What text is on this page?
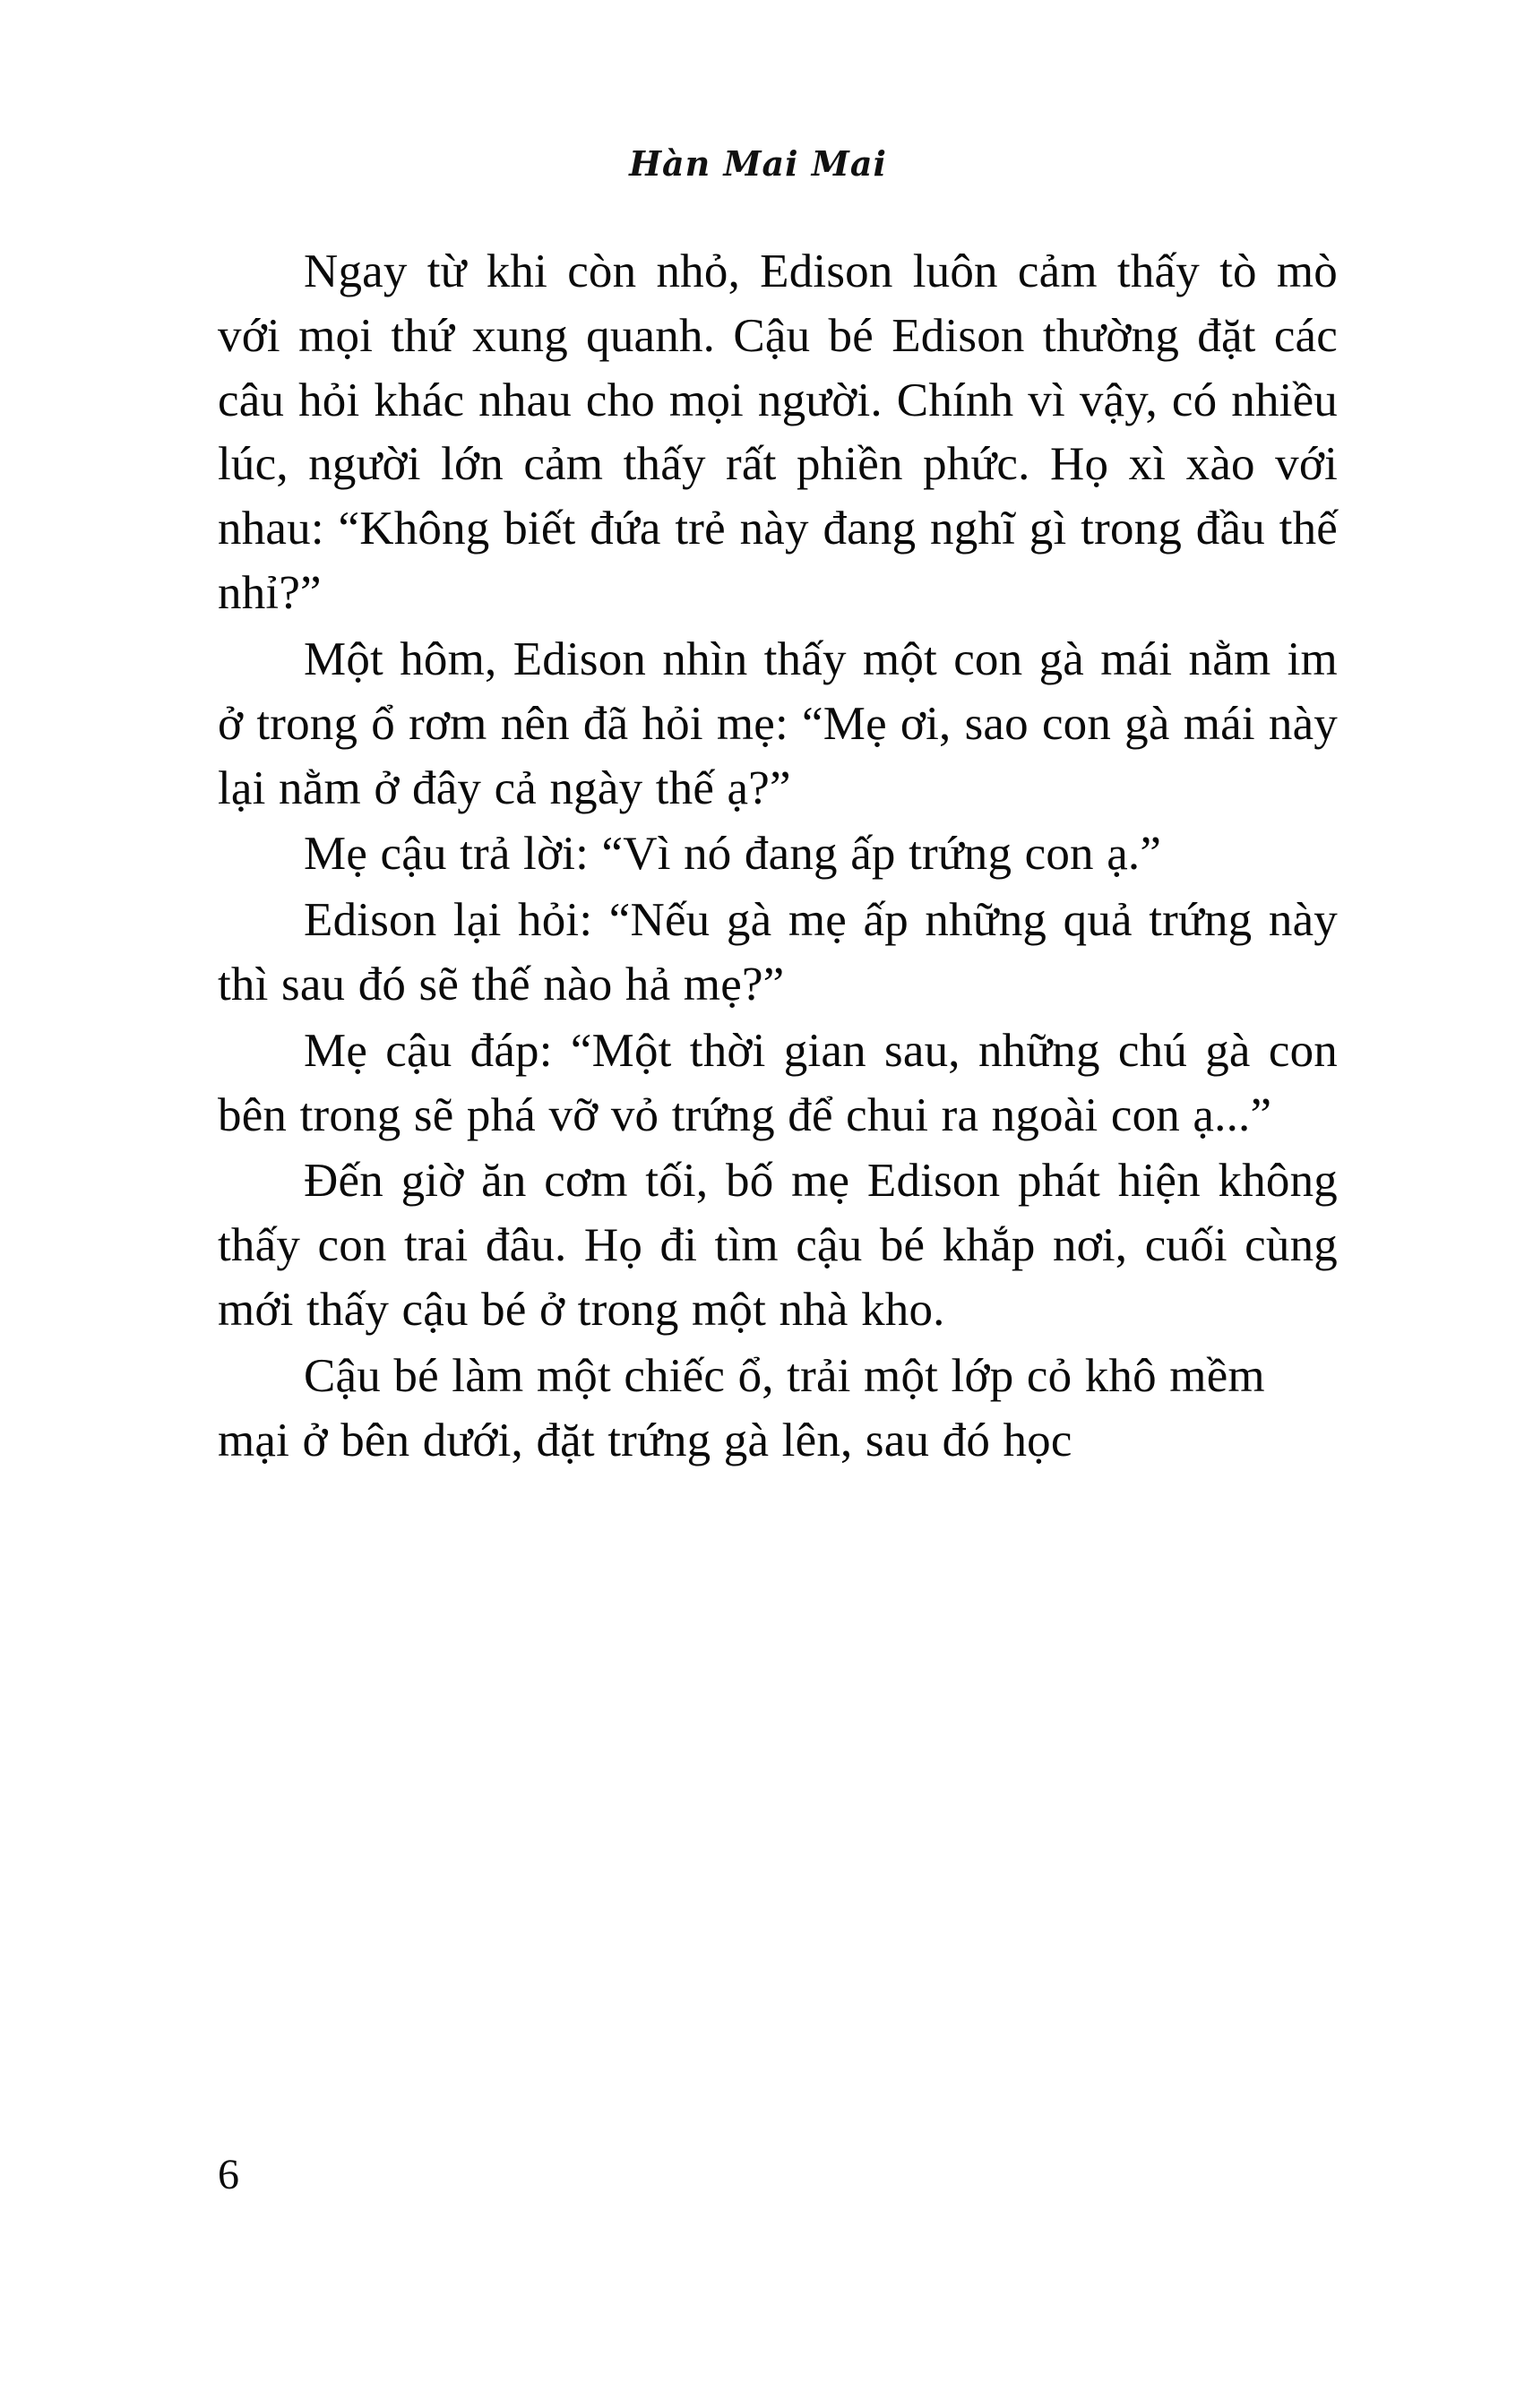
Hàn Mai Mai

Ngay từ khi còn nhỏ, Edison luôn cảm thấy tò mò với mọi thứ xung quanh. Cậu bé Edison thường đặt các câu hỏi khác nhau cho mọi người. Chính vì vậy, có nhiều lúc, người lớn cảm thấy rất phiền phức. Họ xì xào với nhau: “Không biết đứa trẻ này đang nghĩ gì trong đầu thế nhỉ?”

Một hôm, Edison nhìn thấy một con gà mái nằm im ở trong ổ rơm nên đã hỏi mẹ: “Mẹ ơi, sao con gà mái này lại nằm ở đây cả ngày thế ạ?”

Mẹ cậu trả lời: “Vì nó đang ấp trứng con ạ.”

Edison lại hỏi: “Nếu gà mẹ ấp những quả trứng này thì sau đó sẽ thế nào hả mẹ?”

Mẹ cậu đáp: “Một thời gian sau, những chú gà con bên trong sẽ phá vỡ vỏ trứng để chui ra ngoài con ạ...”

Đến giờ ăn cơm tối, bố mẹ Edison phát hiện không thấy con trai đâu. Họ đi tìm cậu bé khắp nơi, cuối cùng mới thấy cậu bé ở trong một nhà kho.

Cậu bé làm một chiếc ổ, trải một lớp cỏ khô mềm mại ở bên dưới, đặt trứng gà lên, sau đó học

6
